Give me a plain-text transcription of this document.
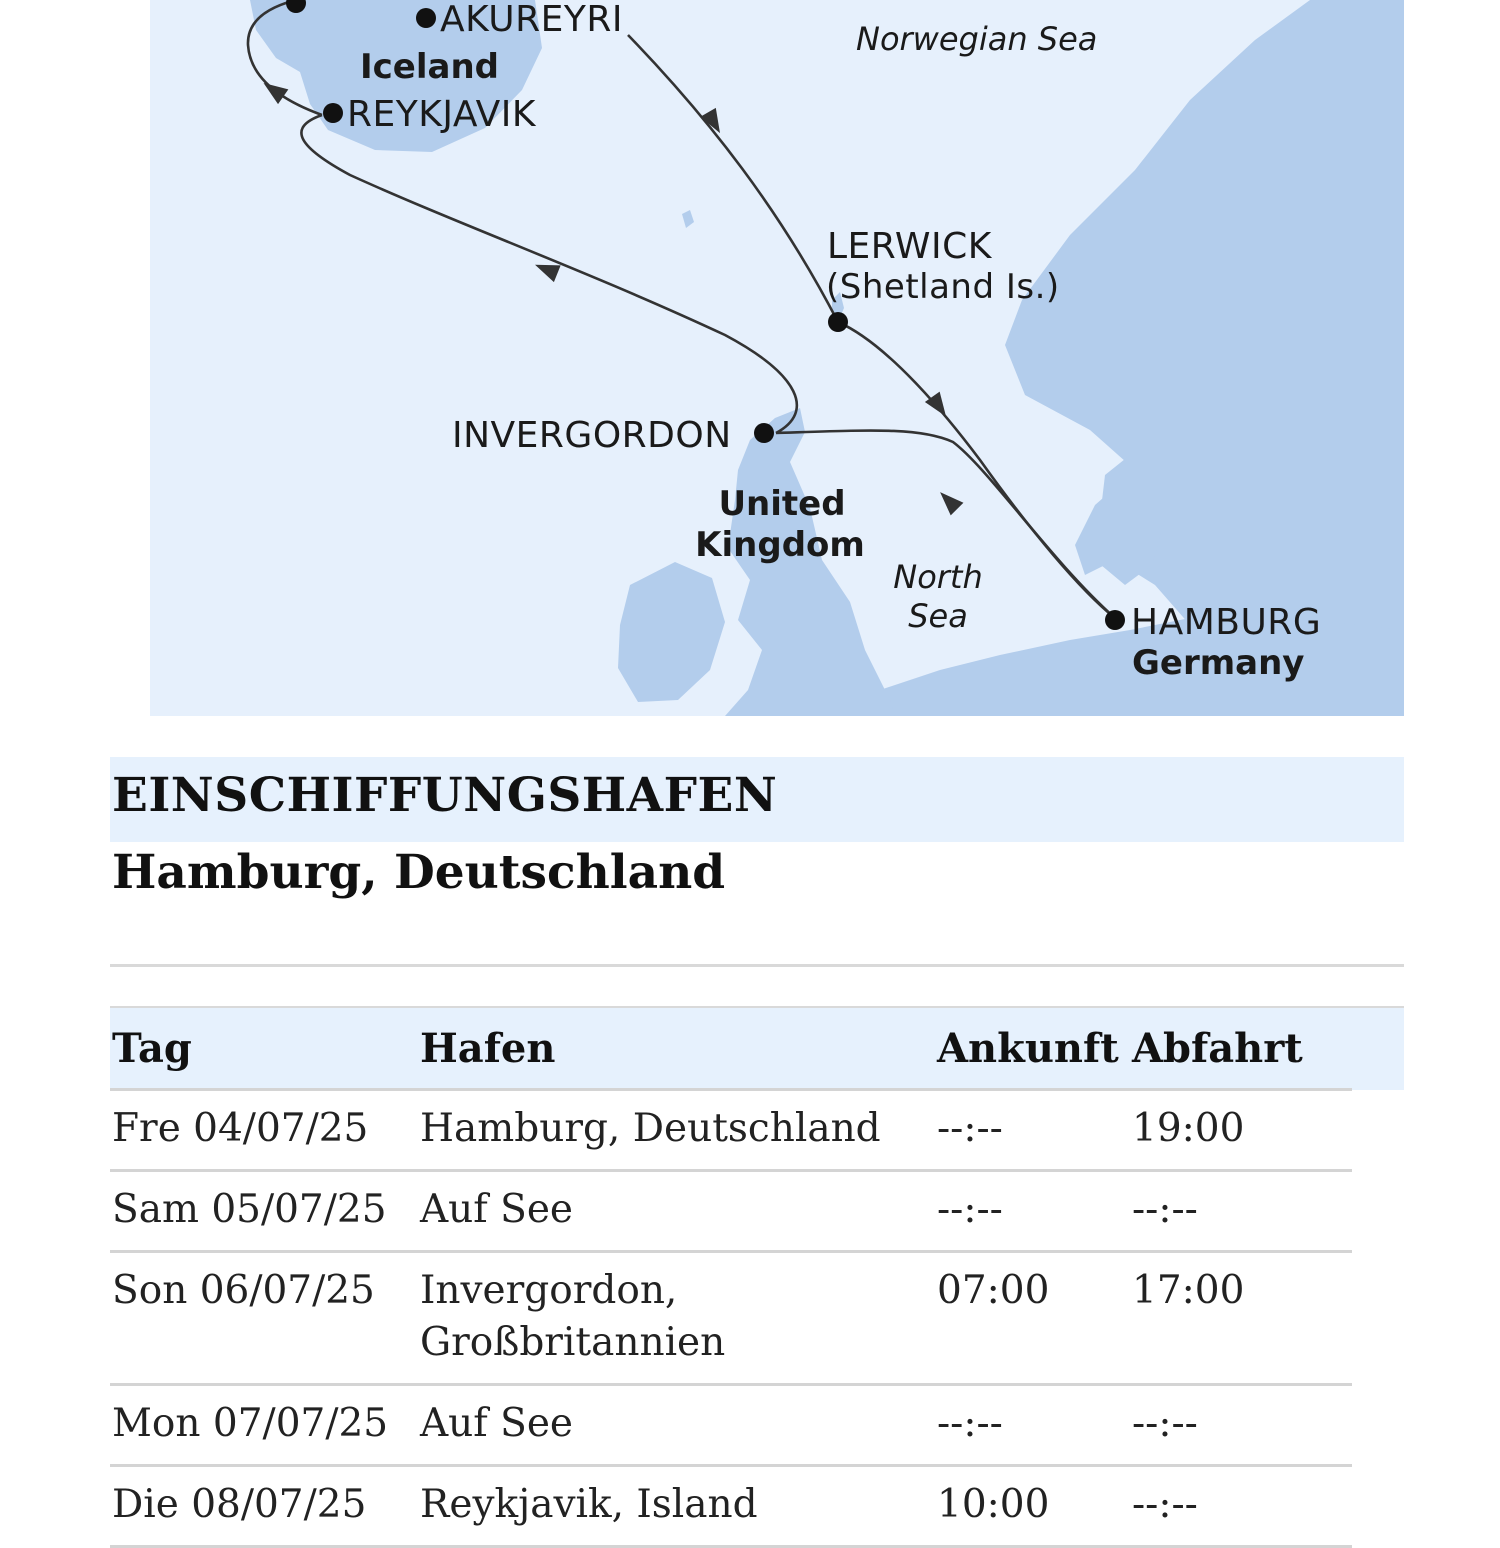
AKUREYRI
REYKJAVIK
LERWICK
(Shetland Is.)
INVERGORDON
HAMBURG
Iceland
Norwegian Sea
United
Kingdom
North
Sea
Germany
EINSCHIFFUNGSHAFEN
Hamburg, Deutschland
Tag	Hafen	Ankunft	Abfahrt
Fre 04/07/25	Hamburg, Deutschland	--:--	19:00
Sam 05/07/25	Auf See	--:--	--:--
Son 06/07/25	Invergordon, Großbritannien	07:00	17:00
Mon 07/07/25	Auf See	--:--	--:--
Die 08/07/25	Reykjavik, Island	10:00	--:--
